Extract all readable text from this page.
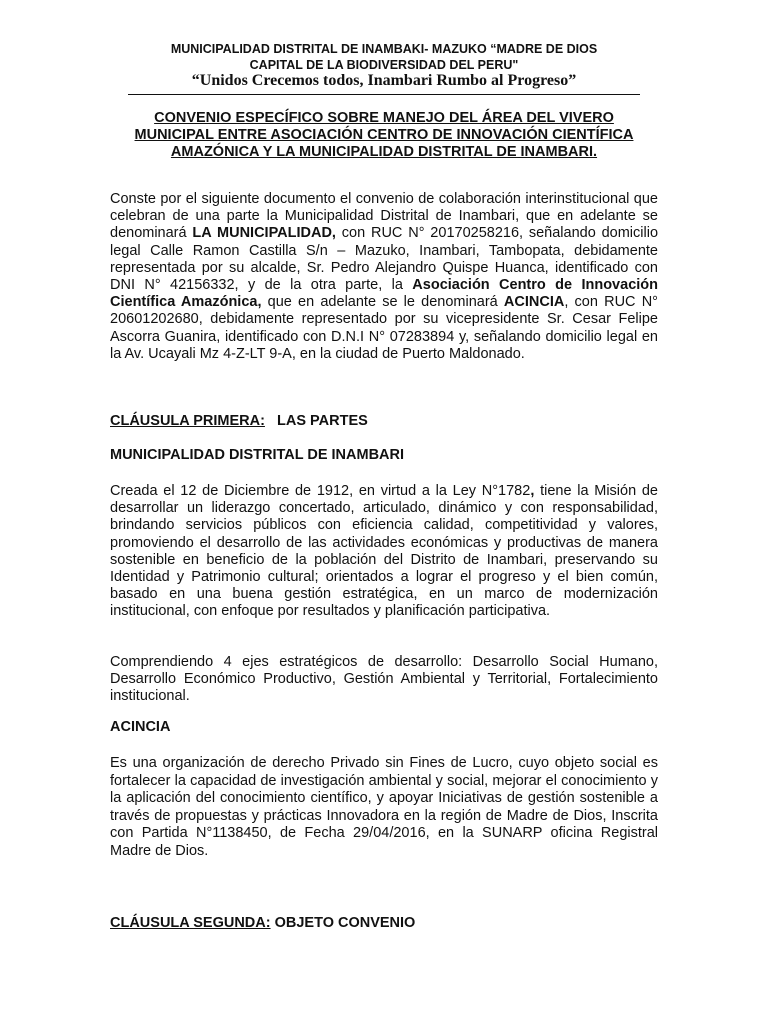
MUNICIPALIDAD DISTRITAL DE INAMBAKI- MAZUKO “MADRE DE DIOS
CAPITAL DE LA BIODIVERSIDAD DEL PERU"
“Unidos Crecemos todos, Inambari Rumbo al Progreso”
CONVENIO ESPECÍFICO SOBRE MANEJO DEL ÁREA DEL VIVERO
MUNICIPAL ENTRE ASOCIACIÓN CENTRO DE INNOVACIÓN CIENTÍFICA
AMAZÓNICA Y LA MUNICIPALIDAD DISTRITAL DE INAMBARI.
Conste por el siguiente documento el convenio de colaboración interinstitucional que celebran de una parte la Municipalidad Distrital de Inambari, que en adelante se denominará LA MUNICIPALIDAD, con RUC N° 20170258216, señalando domicilio legal Calle Ramon Castilla S/n – Mazuko, Inambari, Tambopata, debidamente representada por su alcalde, Sr. Pedro Alejandro Quispe Huanca, identificado con DNI N° 42156332, y de la otra parte, la Asociación Centro de Innovación Científica Amazónica, que en adelante se le denominará ACINCIA, con RUC N° 20601202680, debidamente representado por su vicepresidente Sr. Cesar Felipe Ascorra Guanira, identificado con D.N.I N° 07283894 y, señalando domicilio legal en la Av. Ucayali Mz 4-Z-LT 9-A, en la ciudad de Puerto Maldonado.
CLÁUSULA PRIMERA: LAS PARTES
MUNICIPALIDAD DISTRITAL DE INAMBARI
Creada el 12 de Diciembre de 1912, en virtud a la Ley N°1782, tiene la Misión de desarrollar un liderazgo concertado, articulado, dinámico y con responsabilidad, brindando servicios públicos con eficiencia calidad, competitividad y valores, promoviendo el desarrollo de las actividades económicas y productivas de manera sostenible en beneficio de la población del Distrito de Inambari, preservando su Identidad y Patrimonio cultural; orientados a lograr el progreso y el bien común, basado en una buena gestión estratégica, en un marco de modernización institucional, con enfoque por resultados y planificación participativa.
Comprendiendo 4 ejes estratégicos de desarrollo: Desarrollo Social Humano, Desarrollo Económico Productivo, Gestión Ambiental y Territorial, Fortalecimiento institucional.
ACINCIA
Es una organización de derecho Privado sin Fines de Lucro, cuyo objeto social es fortalecer la capacidad de investigación ambiental y social, mejorar el conocimiento y la aplicación del conocimiento científico, y apoyar Iniciativas de gestión sostenible a través de propuestas y prácticas Innovadora en la región de Madre de Dios, Inscrita con Partida N°1138450, de Fecha 29/04/2016, en la SUNARP oficina Registral Madre de Dios.
CLÁUSULA SEGUNDA: OBJETO CONVENIO
